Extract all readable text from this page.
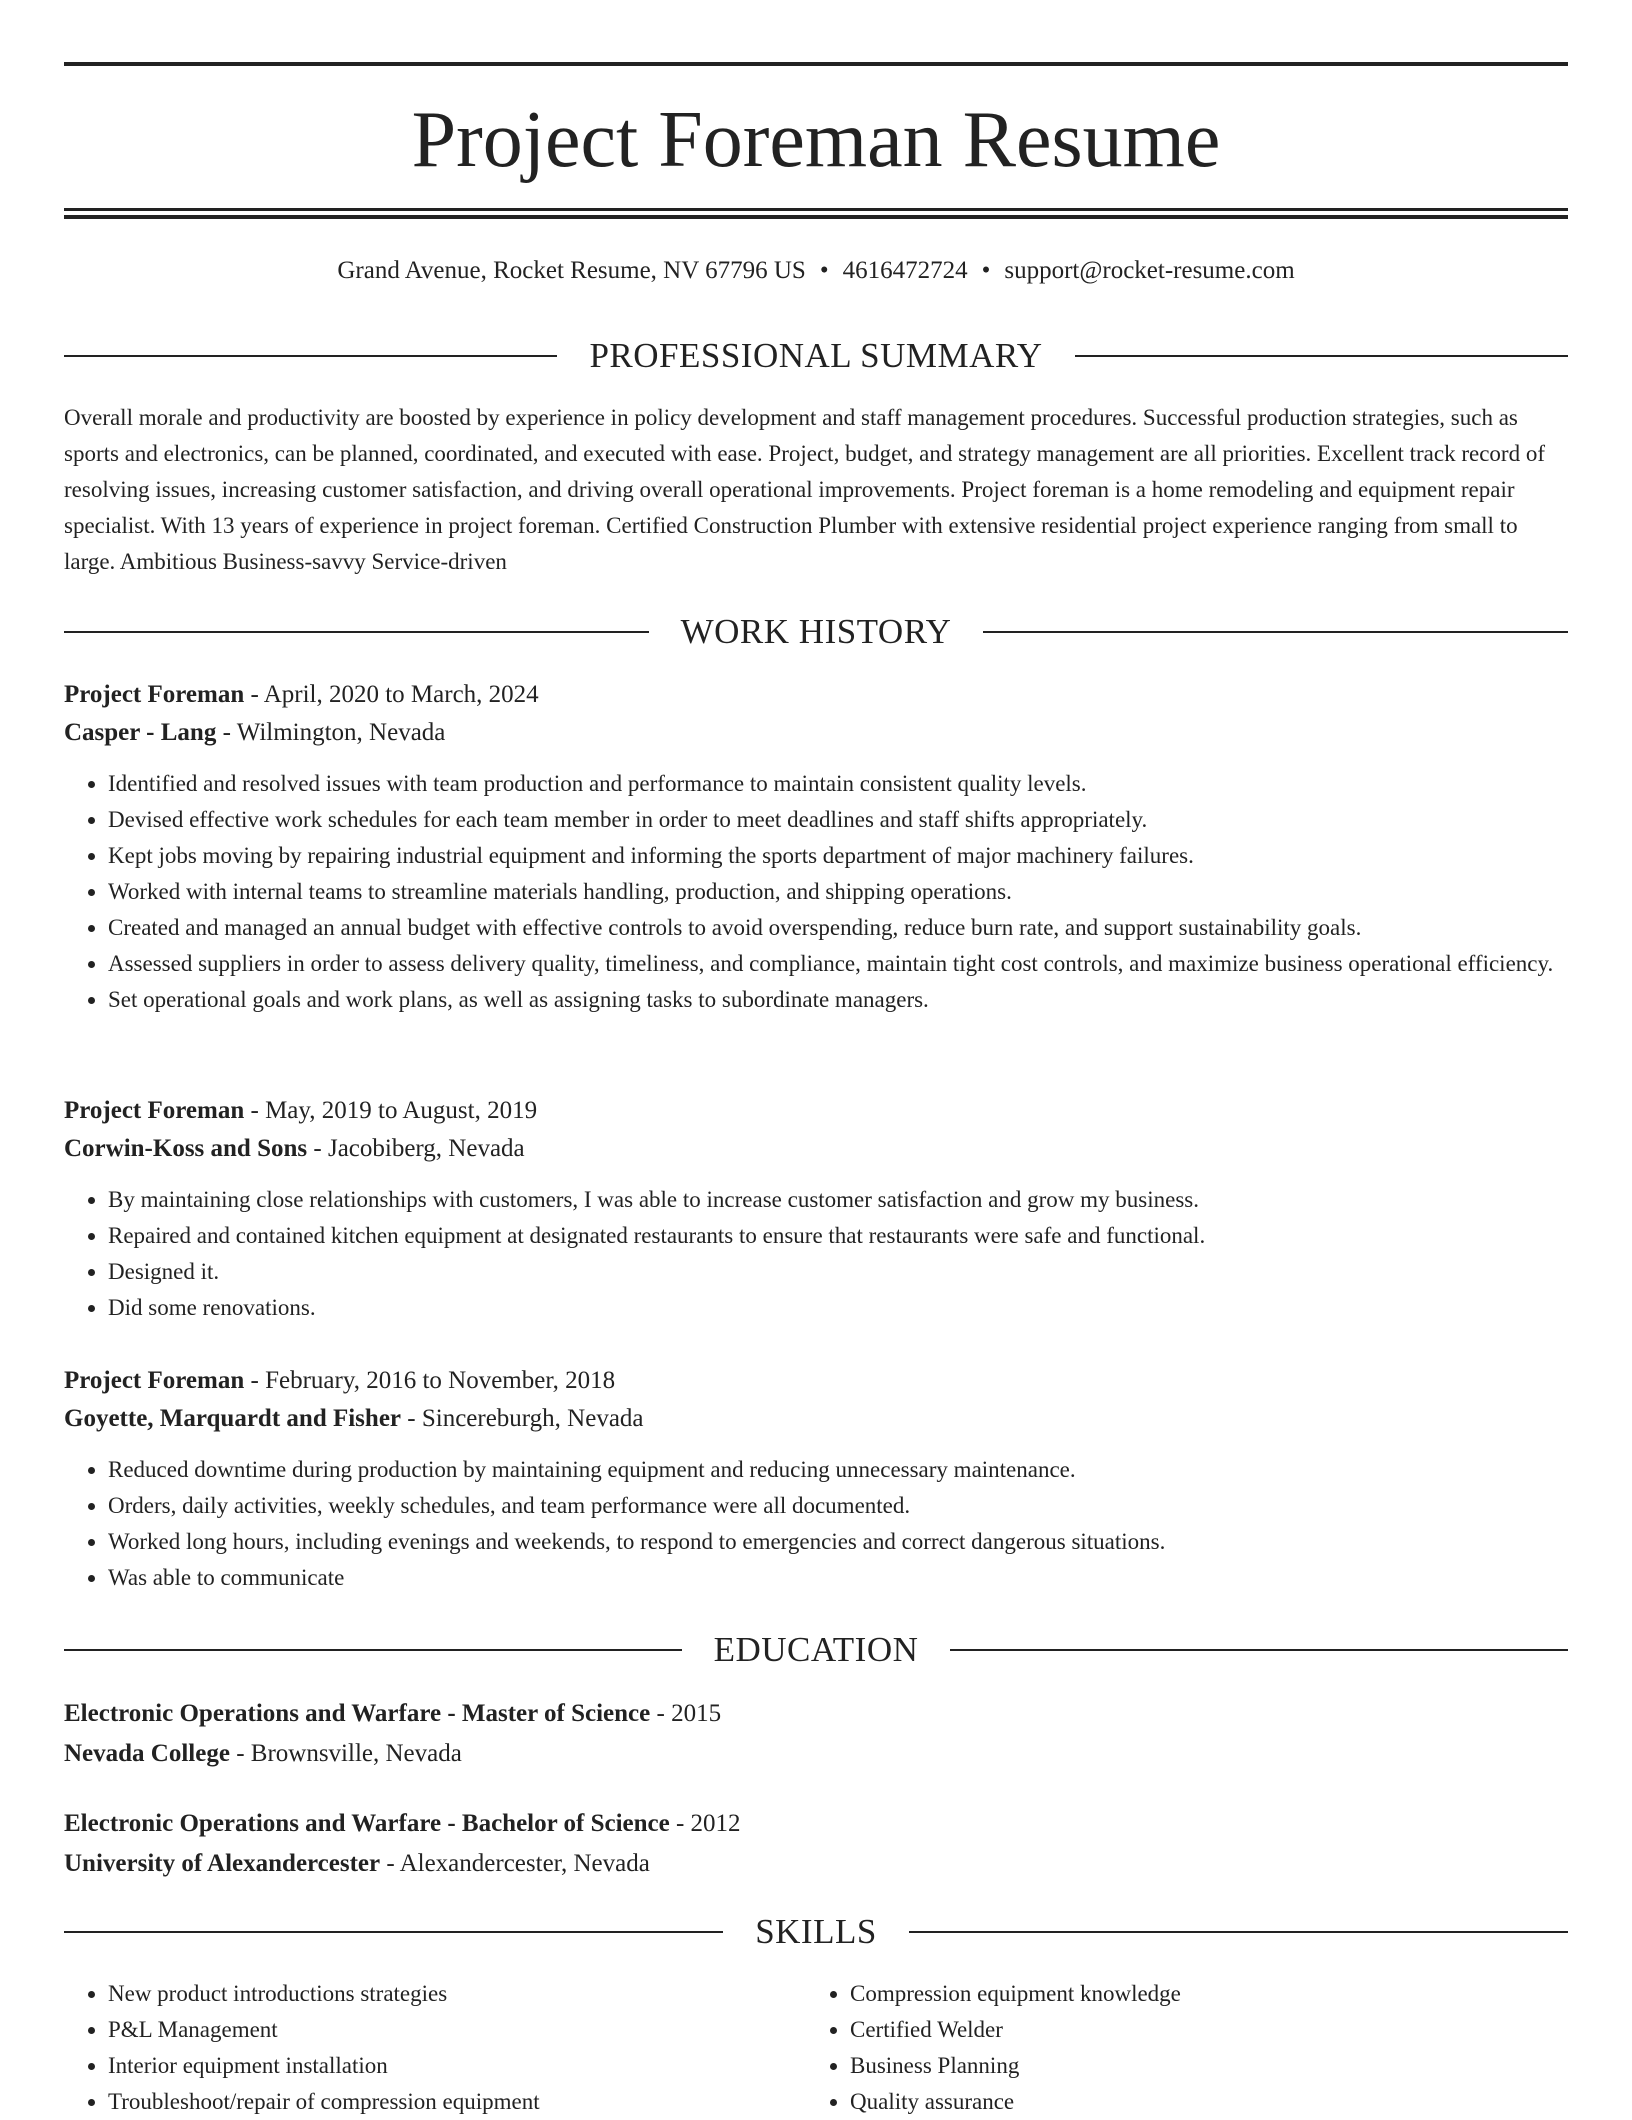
Project Foreman Resume
Grand Avenue, Rocket Resume, NV 67796 US • 4616472724 • support@rocket-resume.com
PROFESSIONAL SUMMARY

Overall morale and productivity are boosted by experience in policy development and staff management procedures. Successful production strategies, such as sports and electronics, can be planned, coordinated, and executed with ease. Project, budget, and strategy management are all priorities. Excellent track record of resolving issues, increasing customer satisfaction, and driving overall operational improvements. Project foreman is a home remodeling and equipment repair specialist. With 13 years of experience in project foreman. Certified Construction Plumber with extensive residential project experience ranging from small to large. Ambitious Business-savvy Service-driven

WORK HISTORY

Project Foreman - April, 2020 to March, 2024

Casper - Lang - Wilmington, Nevada

• Identified and resolved issues with team production and performance to maintain consistent quality levels.
• Devised effective work schedules for each team member in order to meet deadlines and staff shifts appropriately.
• Kept jobs moving by repairing industrial equipment and informing the sports department of major machinery failures.
• Worked with internal teams to streamline materials handling, production, and shipping operations.
• Created and managed an annual budget with effective controls to avoid overspending, reduce burn rate, and support sustainability goals.
• Assessed suppliers in order to assess delivery quality, timeliness, and compliance, maintain tight cost controls, and maximize business operational efficiency.
• Set operational goals and work plans, as well as assigning tasks to subordinate managers.

Project Foreman - May, 2019 to August, 2019

Corwin-Koss and Sons - Jacobiberg, Nevada

• By maintaining close relationships with customers, I was able to increase customer satisfaction and grow my business.
• Repaired and contained kitchen equipment at designated restaurants to ensure that restaurants were safe and functional.
• Designed it.
• Did some renovations.

Project Foreman - February, 2016 to November, 2018

Goyette, Marquardt and Fisher - Sincereburgh, Nevada

• Reduced downtime during production by maintaining equipment and reducing unnecessary maintenance.
• Orders, daily activities, weekly schedules, and team performance were all documented.
• Worked long hours, including evenings and weekends, to respond to emergencies and correct dangerous situations.
• Was able to communicate
EDUCATION

Electronic Operations and Warfare - Master of Science - 2015

Nevada College - Brownsville, Nevada

Electronic Operations and Warfare - Bachelor of Science - 2012

University of Alexandercester - Alexandercester, Nevada

SKILLS
• New product introductions strategies
• P&L Management
• Interior equipment installation
• Troubleshoot/repair of compression equipment
• Compression equipment knowledge
• Certified Welder
• Business Planning
• Quality assurance
